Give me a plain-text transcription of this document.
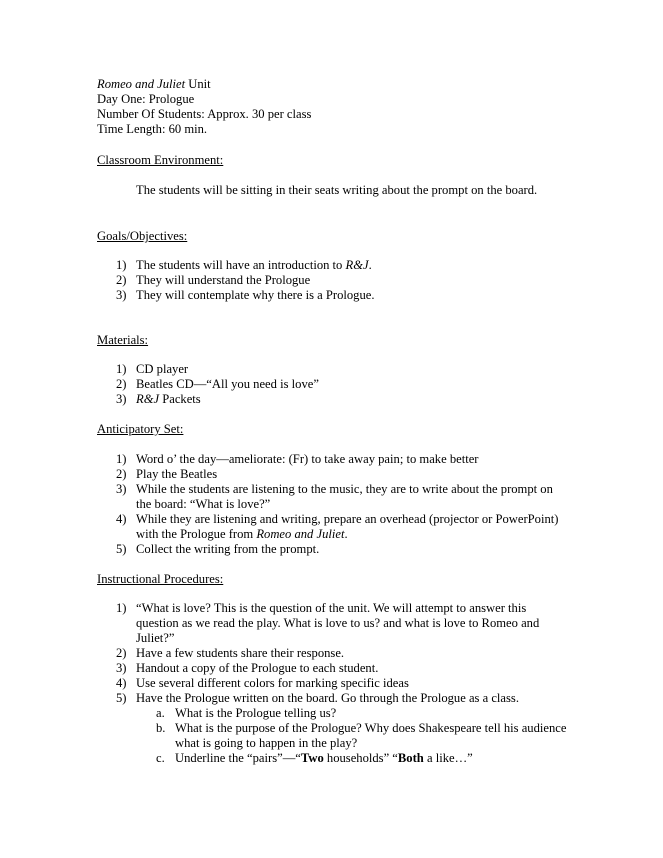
Romeo and Juliet Unit
Day One: Prologue
Number Of Students: Approx. 30 per class
Time Length: 60 min.
Classroom Environment:
The students will be sitting in their seats writing about the prompt on the board.
Goals/Objectives:
1) The students will have an introduction to R&J.
2) They will understand the Prologue
3) They will contemplate why there is a Prologue.
Materials:
1) CD player
2) Beatles CD—“All you need is love”
3) R&J Packets
Anticipatory Set:
1) Word o’ the day—ameliorate: (Fr) to take away pain; to make better
2) Play the Beatles
3) While the students are listening to the music, they are to write about the prompt on the board: “What is love?”
4) While they are listening and writing, prepare an overhead (projector or PowerPoint) with the Prologue from Romeo and Juliet.
5) Collect the writing from the prompt.
Instructional Procedures:
1) “What is love? This is the question of the unit. We will attempt to answer this question as we read the play. What is love to us? and what is love to Romeo and Juliet?”
2) Have a few students share their response.
3) Handout a copy of the Prologue to each student.
4) Use several different colors for marking specific ideas
5) Have the Prologue written on the board. Go through the Prologue as a class.
a. What is the Prologue telling us?
b. What is the purpose of the Prologue? Why does Shakespeare tell his audience what is going to happen in the play?
c. Underline the “pairs”—“Two households” “Both a like…”
